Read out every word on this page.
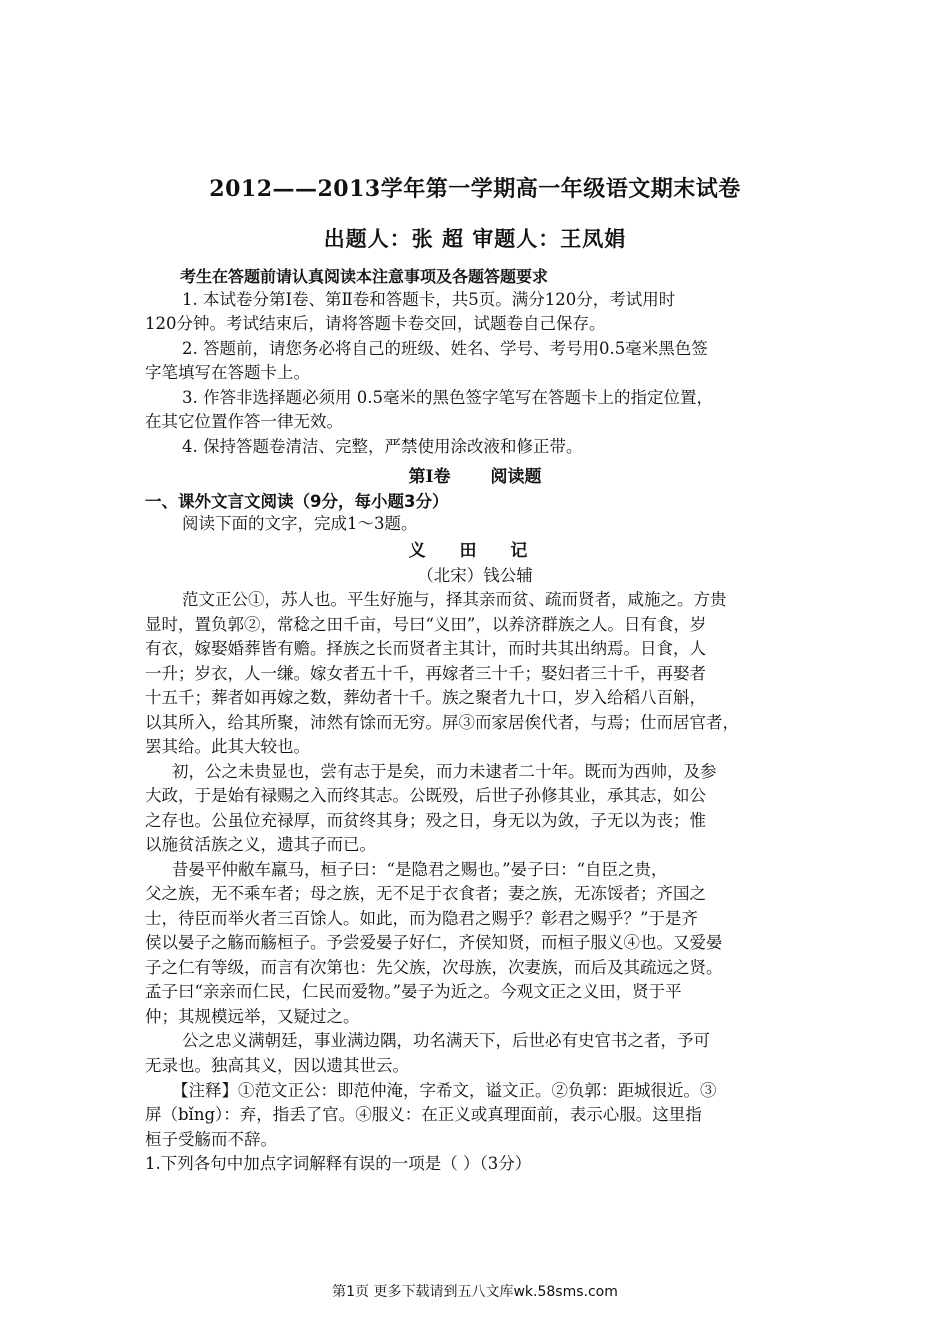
2012——2013学年第一学期高一年级语文期末试卷
出题人：张 超 审题人：王凤娟
考生在答题前请认真阅读本注意事项及各题答题要求
1. 本试卷分第Ⅰ卷、第Ⅱ卷和答题卡，共5页。满分120分，考试用时
120分钟。考试结束后，请将答题卡卷交回，试题卷自己保存。
2. 答题前，请您务必将自己的班级、姓名、学号、考号用0.5毫米黑色签
字笔填写在答题卡上。
3. 作答非选择题必须用 0.5毫米的黑色签字笔写在答题卡上的指定位置，
在其它位置作答一律无效。
4. 保持答题卷清洁、完整，严禁使用涂改液和修正带。
第Ⅰ卷 阅读题
一、课外文言文阅读（9分，每小题3分）
阅读下面的文字，完成1～3题。
义 田 记
（北宋）钱公辅
范文正公①，苏人也。平生好施与，择其亲而贫、疏而贤者，咸施之。方贵
显时，置负郭②，常稔之田千亩，号曰“义田”，以养济群族之人。日有食，岁
有衣，嫁娶婚葬皆有赡。择族之长而贤者主其计，而时共其出纳焉。日食，人
一升；岁衣，人一缣。嫁女者五十千，再嫁者三十千；娶妇者三十千，再娶者
十五千；葬者如再嫁之数，葬幼者十千。族之聚者九十口，岁入给稻八百斛，
以其所入，给其所聚，沛然有馀而无穷。屏③而家居俟代者，与焉；仕而居官者，
罢其给。此其大较也。
初，公之未贵显也，尝有志于是矣，而力未逮者二十年。既而为西帅，及参
大政，于是始有禄赐之入而终其志。公既殁，后世子孙修其业，承其志，如公
之存也。公虽位充禄厚，而贫终其身；殁之日，身无以为敛，子无以为丧；惟
以施贫活族之义，遗其子而已。
昔晏平仲敝车羸马，桓子曰：“是隐君之赐也。”晏子曰：“自臣之贵，
父之族，无不乘车者；母之族，无不足于衣食者；妻之族，无冻馁者；齐国之
士，待臣而举火者三百馀人。如此，而为隐君之赐乎？彰君之赐乎？”于是齐
侯以晏子之觞而觞桓子。予尝爱晏子好仁，齐侯知贤，而桓子服义④也。又爱晏
子之仁有等级，而言有次第也：先父族，次母族，次妻族，而后及其疏远之贤。
孟子曰“亲亲而仁民，仁民而爱物。”晏子为近之。今观文正之义田，贤于平
仲；其规模远举，又疑过之。
公之忠义满朝廷，事业满边隅，功名满天下，后世必有史官书之者，予可
无录也。独高其义，因以遗其世云。
【注释】①范文正公：即范仲淹，字希文，谥文正。②负郭：距城很近。③
屏（bǐng）：弃，指丢了官。④服义：在正义或真理面前，表示心服。这里指
桓子受觞而不辞。
1.下列各句中加点字词解释有误的一项是（ ）（3分）
第1页 更多下载请到五八文库wk.58sms.com
